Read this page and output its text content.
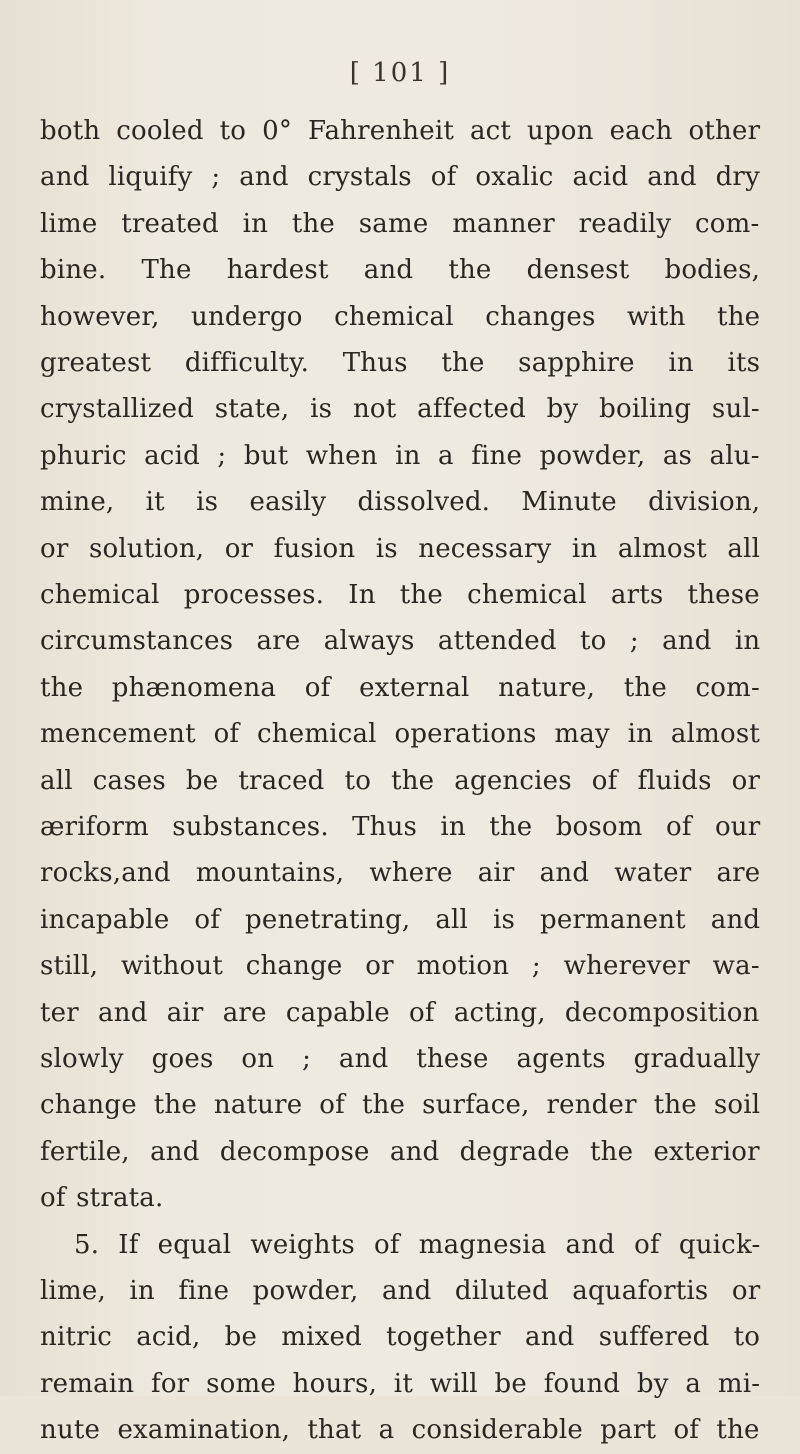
[ 101 ]
both cooled to 0° Fahrenheit act upon each other
and liquify ; and crystals of oxalic acid and dry
lime treated in the same manner readily com-
bine. The hardest and the densest bodies,
however, undergo chemical changes with the
greatest difficulty. Thus the sapphire in its
crystallized state, is not affected by boiling sul-
phuric acid ; but when in a fine powder, as alu-
mine, it is easily dissolved. Minute division,
or solution, or fusion is necessary in almost all
chemical processes. In the chemical arts these
circumstances are always attended to ; and in
the phænomena of external nature, the com-
mencement of chemical operations may in almost
all cases be traced to the agencies of fluids or
æriform substances. Thus in the bosom of our
rocks,and mountains, where air and water are
incapable of penetrating, all is permanent and
still, without change or motion ; wherever wa-
ter and air are capable of acting, decomposition
slowly goes on ; and these agents gradually
change the nature of the surface, render the soil
fertile, and decompose and degrade the exterior
of strata.
5. If equal weights of magnesia and of quick-
lime, in fine powder, and diluted aquafortis or
nitric acid, be mixed together and suffered to
remain for some hours, it will be found by a mi-
nute examination, that a considerable part of the
